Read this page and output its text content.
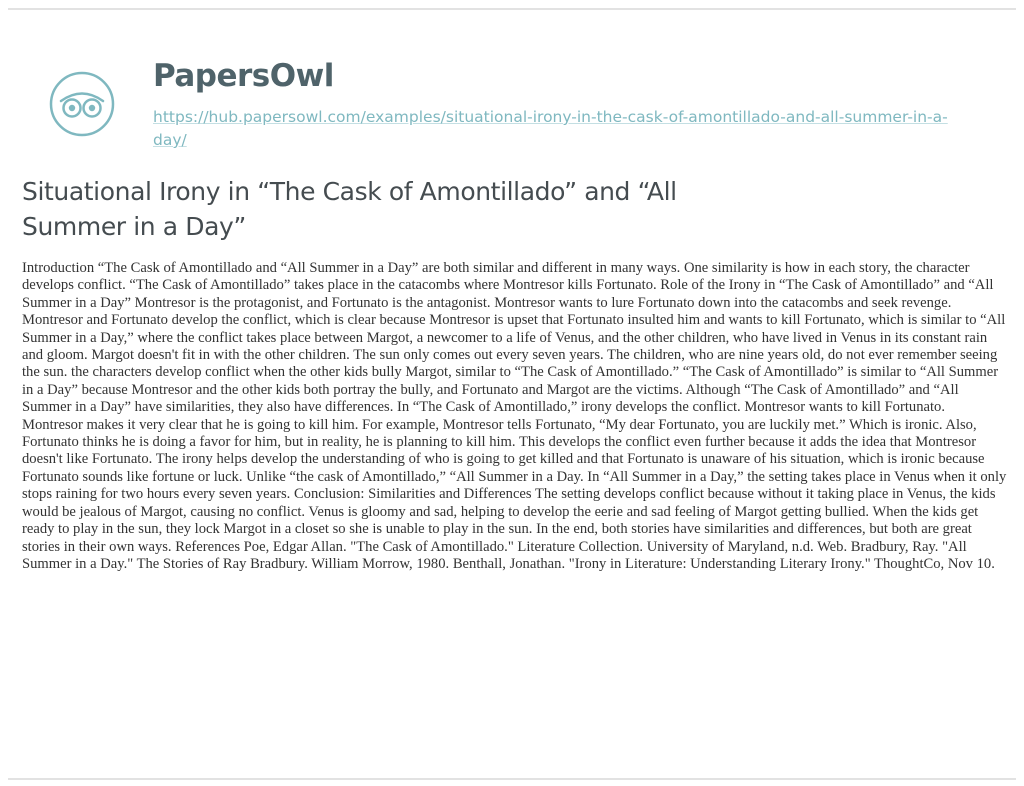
PapersOwl
https://hub.papersowl.com/examples/situational-irony-in-the-cask-of-amontillado-and-all-summer-in-a-day/
Situational Irony in “The Cask of Amontillado” and “All Summer in a Day”

Introduction “The Cask of Amontillado and “All Summer in a Day” are both similar and different in many ways. One similarity is how in each story, the character develops conflict. “The Cask of Amontillado” takes place in the catacombs where Montresor kills Fortunato. Role of the Irony in “The Cask of Amontillado” and “All Summer in a Day” Montresor is the protagonist, and Fortunato is the antagonist. Montresor wants to lure Fortunato down into the catacombs and seek revenge. Montresor and Fortunato develop the conflict, which is clear because Montresor is upset that Fortunato insulted him and wants to kill Fortunato, which is similar to “All Summer in a Day,” where the conflict takes place between Margot, a newcomer to a life of Venus, and the other children, who have lived in Venus in its constant rain and gloom. Margot doesn't fit in with the other children. The sun only comes out every seven years. The children, who are nine years old, do not ever remember seeing the sun. the characters develop conflict when the other kids bully Margot, similar to “The Cask of Amontillado.” “The Cask of Amontillado” is similar to “All Summer in a Day” because Montresor and the other kids both portray the bully, and Fortunato and Margot are the victims. Although “The Cask of Amontillado” and “All Summer in a Day” have similarities, they also have differences. In “The Cask of Amontillado,” irony develops the conflict. Montresor wants to kill Fortunato. Montresor makes it very clear that he is going to kill him. For example, Montresor tells Fortunato, “My dear Fortunato, you are luckily met.” Which is ironic. Also, Fortunato thinks he is doing a favor for him, but in reality, he is planning to kill him. This develops the conflict even further because it adds the idea that Montresor doesn't like Fortunato. The irony helps develop the understanding of who is going to get killed and that Fortunato is unaware of his situation, which is ironic because Fortunato sounds like fortune or luck. Unlike “the cask of Amontillado,” “All Summer in a Day. In “All Summer in a Day,” the setting takes place in Venus when it only stops raining for two hours every seven years. Conclusion: Similarities and Differences The setting develops conflict because without it taking place in Venus, the kids would be jealous of Margot, causing no conflict. Venus is gloomy and sad, helping to develop the eerie and sad feeling of Margot getting bullied. When the kids get ready to play in the sun, they lock Margot in a closet so she is unable to play in the sun. In the end, both stories have similarities and differences, but both are great stories in their own ways. References Poe, Edgar Allan. "The Cask of Amontillado." Literature Collection. University of Maryland, n.d. Web. Bradbury, Ray. "All Summer in a Day." The Stories of Ray Bradbury. William Morrow, 1980. Benthall, Jonathan. "Irony in Literature: Understanding Literary Irony." ThoughtCo, Nov 10.
